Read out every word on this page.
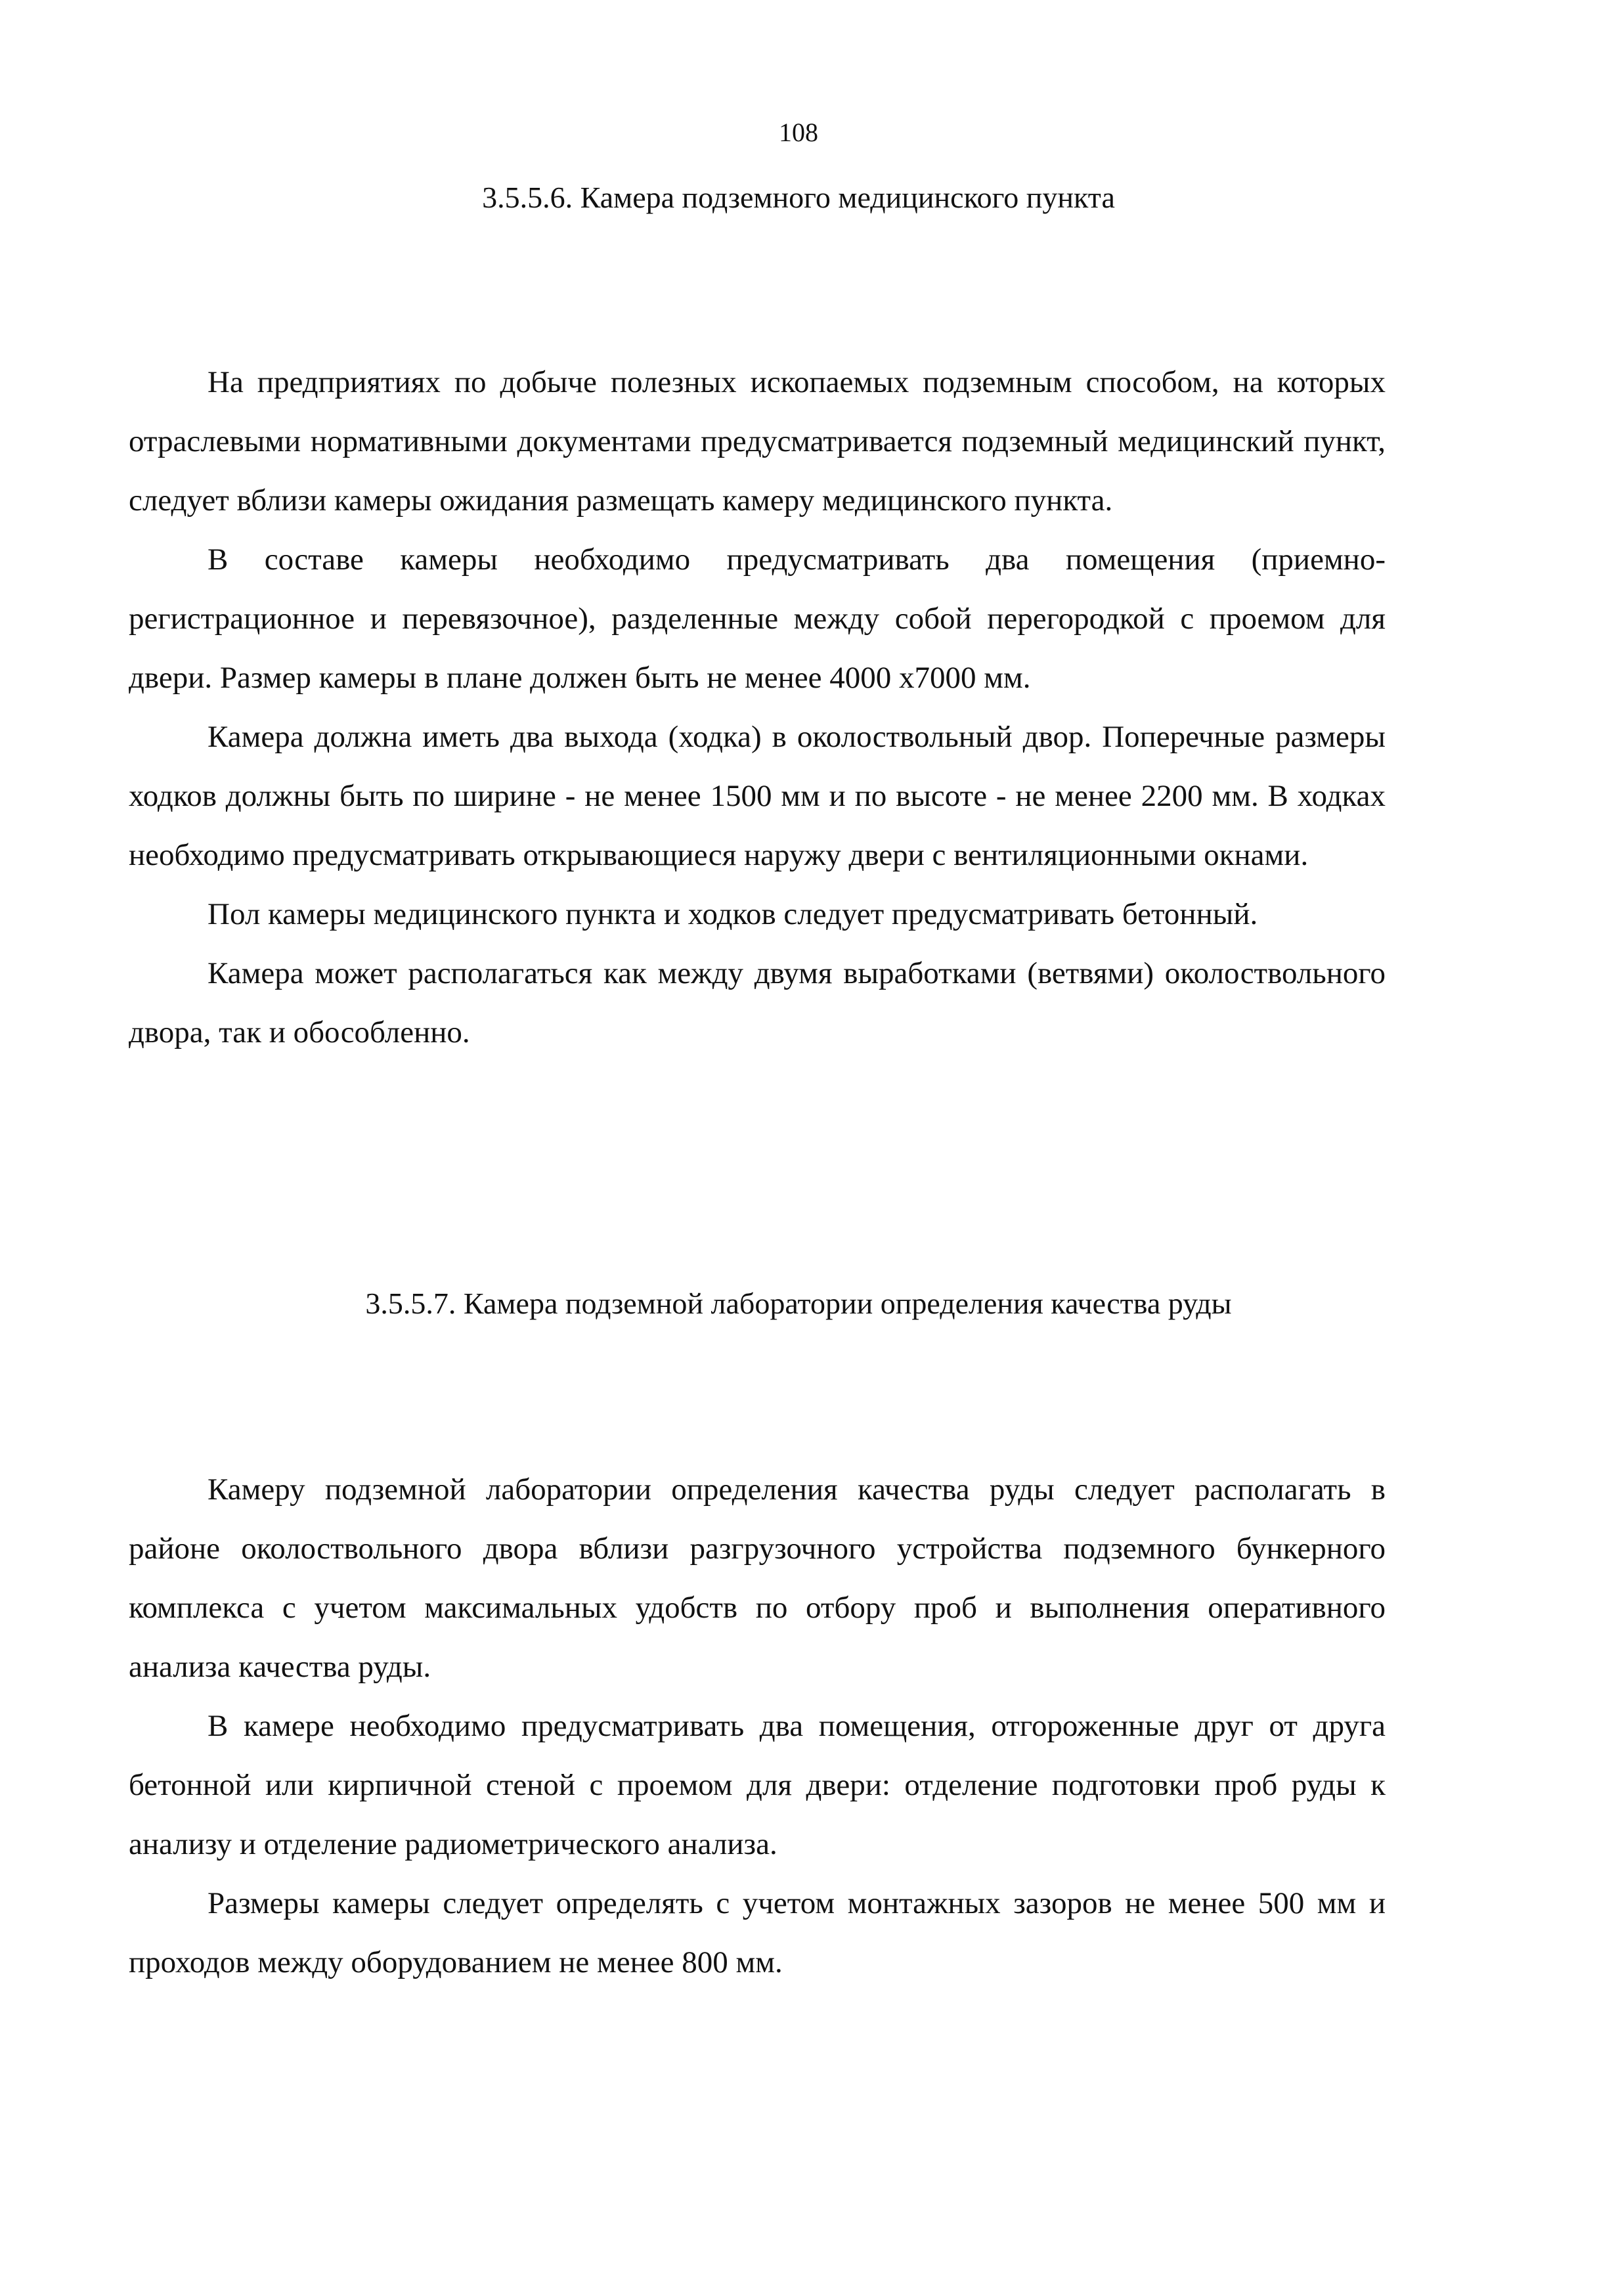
108
3.5.5.6. Камера подземного медицинского пункта

На предприятиях по добыче полезных ископаемых подземным способом, на которых отраслевыми нормативными документами предусматривается подземный медицинский пункт, следует вблизи камеры ожидания размещать камеру медицинского пункта.

В составе камеры необходимо предусматривать два помещения (приемно-регистрационное и перевязочное), разделенные между собой перегородкой с проемом для двери. Размер камеры в плане должен быть не менее 4000 х7000 мм.

Камера должна иметь два выхода (ходка) в околоствольный двор. Поперечные размеры ходков должны быть по ширине - не менее 1500 мм и по высоте - не менее 2200 мм. В ходках необходимо предусматривать открывающиеся наружу двери с вентиляционными окнами.

Пол камеры медицинского пункта и ходков следует предусматривать бетонный.

Камера может располагаться как между двумя выработками (ветвями) околоствольного двора, так и обособленно.

3.5.5.7. Камера подземной лаборатории определения качества руды

Камеру подземной лаборатории определения качества руды следует располагать в районе околоствольного двора вблизи разгрузочного устройства подземного бункерного комплекса с учетом максимальных удобств по отбору проб и выполнения оперативного анализа качества руды.

В камере необходимо предусматривать два помещения, отгороженные друг от друга бетонной или кирпичной стеной с проемом для двери: отделение подготовки проб руды к анализу и отделение радиометрического анализа.

Размеры камеры следует определять с учетом монтажных зазоров не менее 500 мм и проходов между оборудованием не менее 800 мм.
